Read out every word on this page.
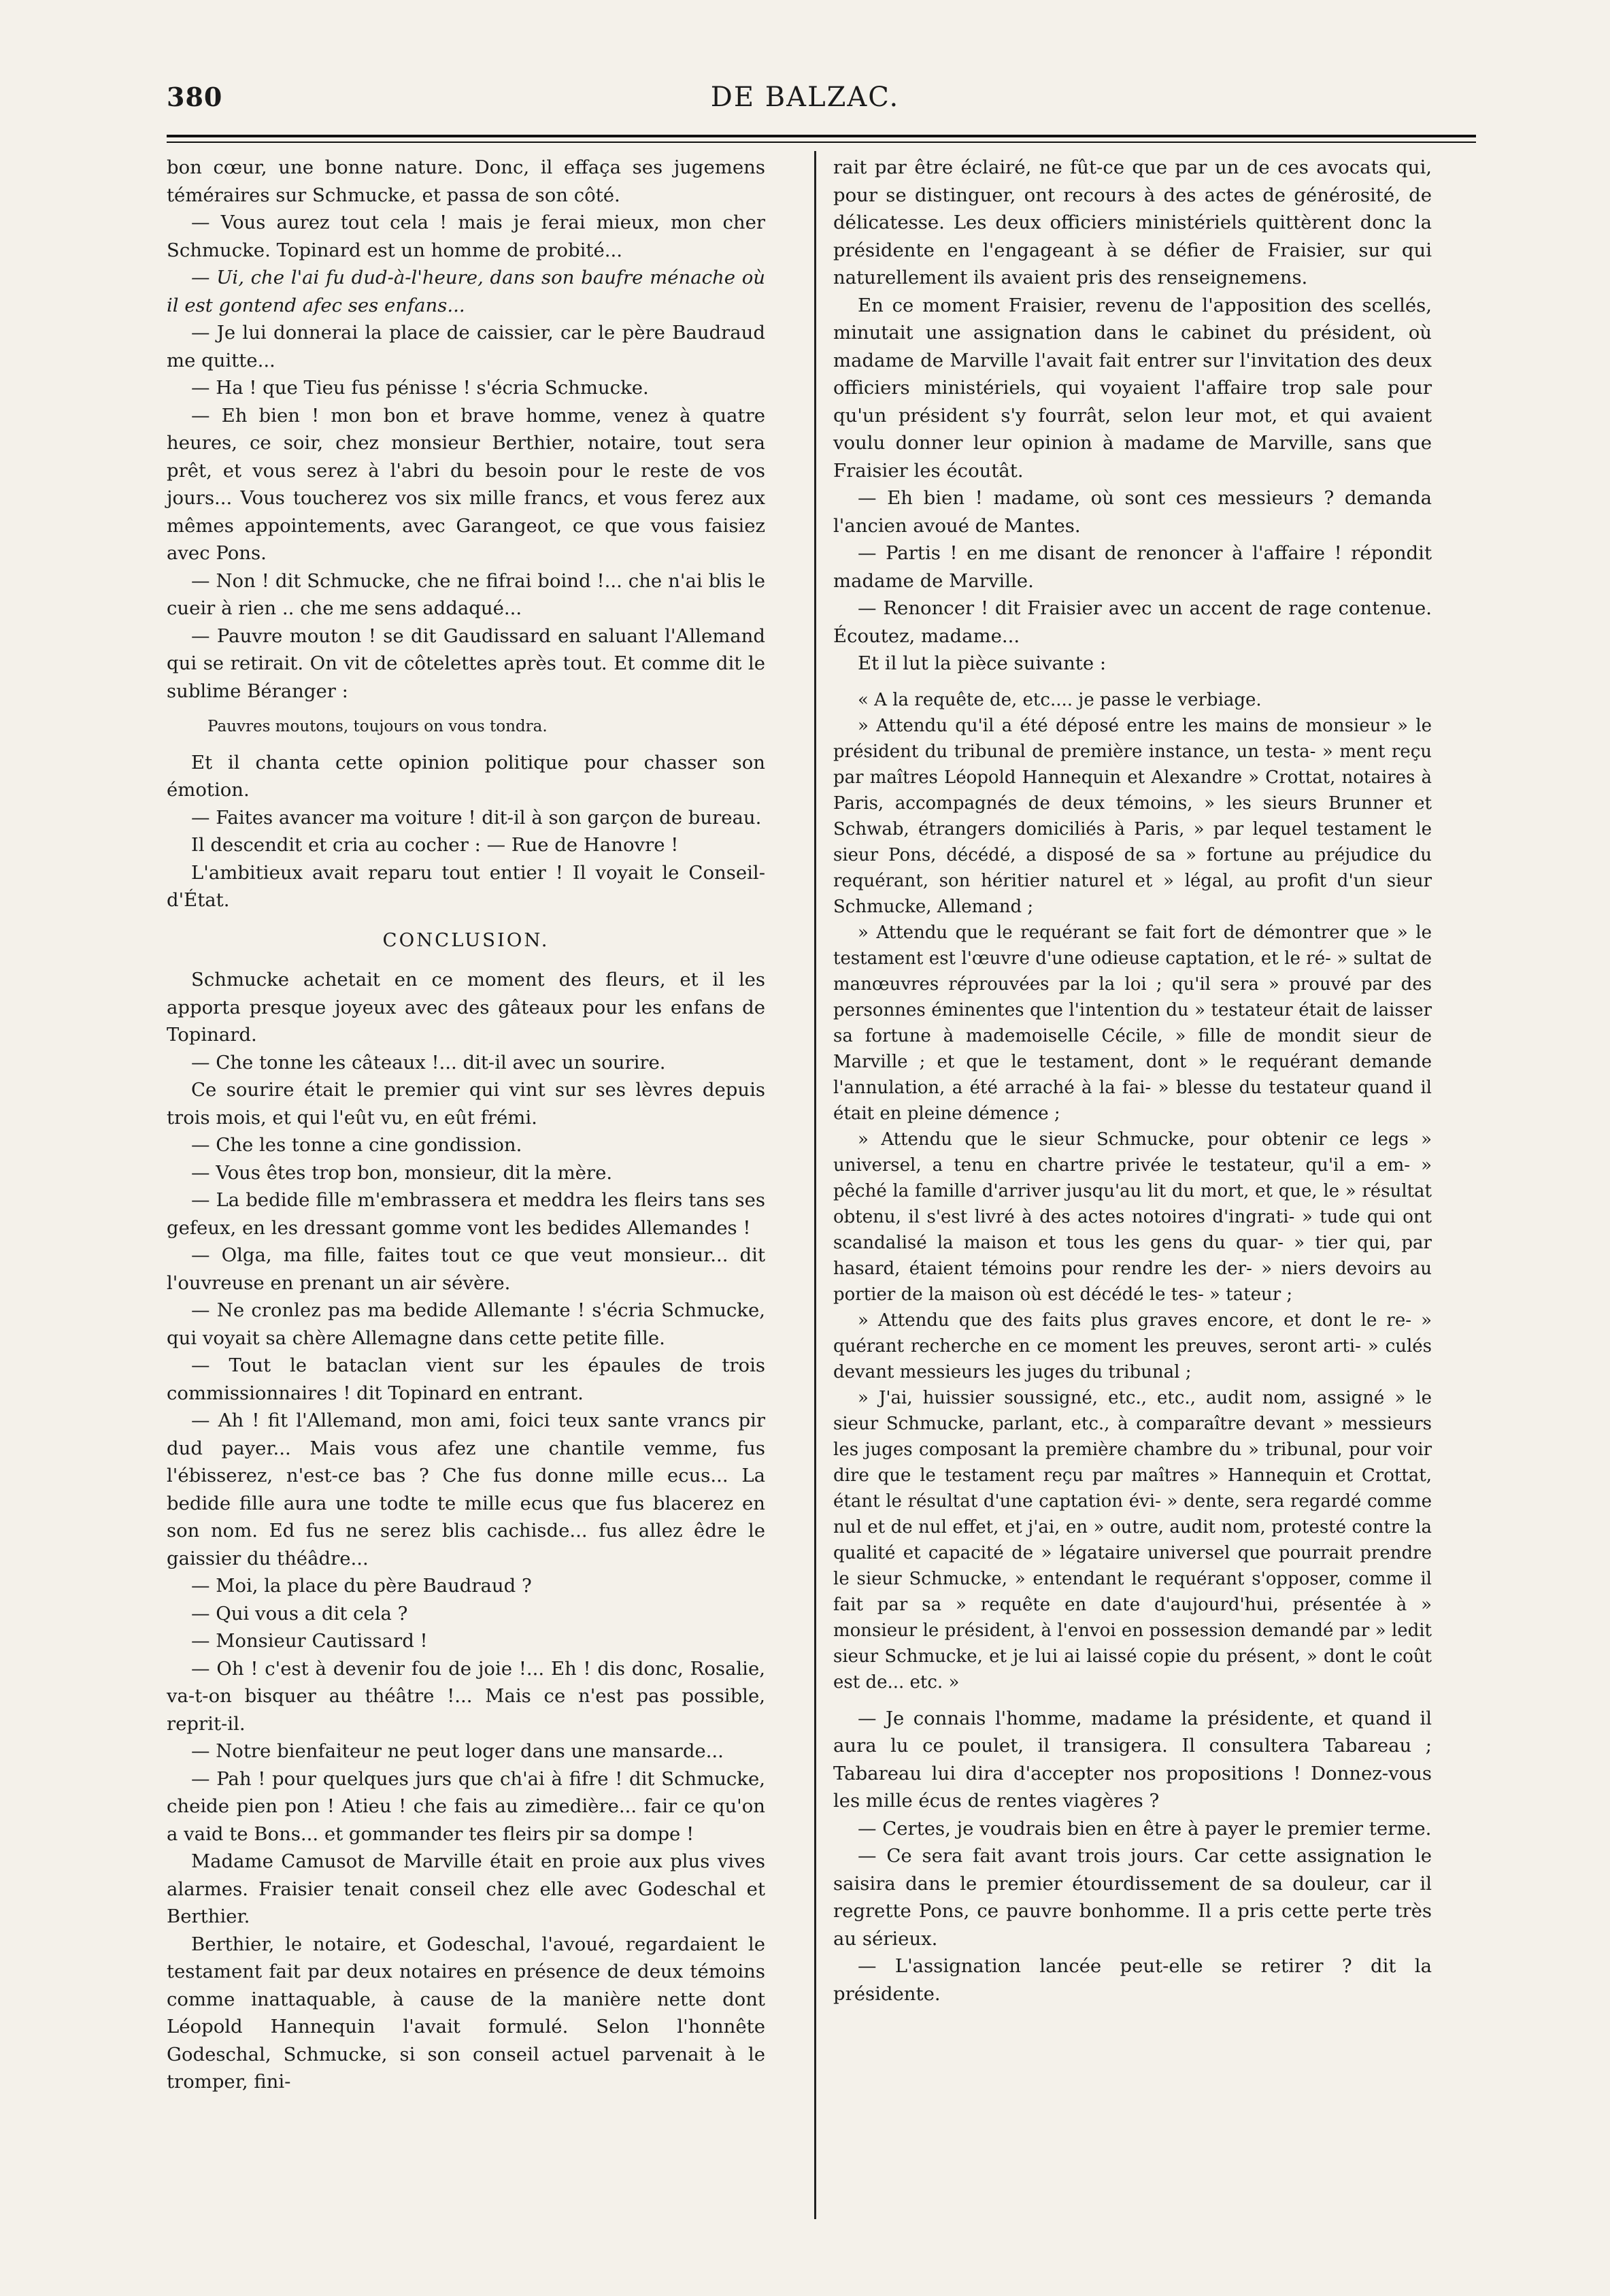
380	DE BALZAC.

bon cœur, une bonne nature. Donc, il effaça ses jugemens téméraires sur Schmucke, et passa de son côté.

— Vous aurez tout cela ! mais je ferai mieux, mon cher Schmucke. Topinard est un homme de probité...

— Ui, che l'ai fu dud-à-l'heure, dans son baufre ménache où il est gontend afec ses enfans...

— Je lui donnerai la place de caissier, car le père Baudraud me quitte...

— Ha ! que Tieu fus pénisse ! s'écria Schmucke.

— Eh bien ! mon bon et brave homme, venez à quatre heures, ce soir, chez monsieur Berthier, notaire, tout sera prêt, et vous serez à l'abri du besoin pour le reste de vos jours... Vous toucherez vos six mille francs, et vous ferez aux mêmes appointements, avec Garangeot, ce que vous faisiez avec Pons.

— Non ! dit Schmucke, che ne fifrai boind !... che n'ai blis le cueir à rien .. che me sens addaqué...

— Pauvre mouton ! se dit Gaudissard en saluant l'Allemand qui se retirait. On vit de côtelettes après tout. Et comme dit le sublime Béranger :

Pauvres moutons, toujours on vous tondra.

Et il chanta cette opinion politique pour chasser son émotion.

— Faites avancer ma voiture ! dit-il à son garçon de bureau.

Il descendit et cria au cocher : — Rue de Hanovre !

L'ambitieux avait reparu tout entier ! Il voyait le Conseil-d'État.

CONCLUSION.

Schmucke achetait en ce moment des fleurs, et il les apporta presque joyeux avec des gâteaux pour les enfans de Topinard.

— Che tonne les câteaux !... dit-il avec un sourire.

Ce sourire était le premier qui vint sur ses lèvres depuis trois mois, et qui l'eût vu, en eût frémi.

— Che les tonne a cine gondission.

— Vous êtes trop bon, monsieur, dit la mère.

— La bedide fille m'embrassera et meddra les fleirs tans ses gefeux, en les dressant gomme vont les bedides Allemandes !

— Olga, ma fille, faites tout ce que veut monsieur... dit l'ouvreuse en prenant un air sévère.

— Ne cronlez pas ma bedide Allemante ! s'écria Schmucke, qui voyait sa chère Allemagne dans cette petite fille.

— Tout le bataclan vient sur les épaules de trois commissionnaires ! dit Topinard en entrant.

— Ah ! fit l'Allemand, mon ami, foici teux sante vrancs pir dud payer... Mais vous afez une chantile vemme, fus l'ébisserez, n'est-ce bas ? Che fus donne mille ecus... La bedide fille aura une todte te mille ecus que fus blacerez en son nom. Ed fus ne serez blis cachisde... fus allez êdre le gaissier du théâdre...

— Moi, la place du père Baudraud ?

— Qui vous a dit cela ?

— Monsieur Cautissard !

— Oh ! c'est à devenir fou de joie !... Eh ! dis donc, Rosalie, va-t-on bisquer au théâtre !... Mais ce n'est pas possible, reprit-il.

— Notre bienfaiteur ne peut loger dans une mansarde...

— Pah ! pour quelques jurs que ch'ai à fifre ! dit Schmucke, cheide pien pon ! Atieu ! che fais au zimedière... fair ce qu'on a vaid te Bons... et gommander tes fleirs pir sa dompe !

Madame Camusot de Marville était en proie aux plus vives alarmes. Fraisier tenait conseil chez elle avec Godeschal et Berthier.

Berthier, le notaire, et Godeschal, l'avoué, regardaient le testament fait par deux notaires en présence de deux témoins comme inattaquable, à cause de la manière nette dont Léopold Hannequin l'avait formulé. Selon l'honnête Godeschal, Schmucke, si son conseil actuel parvenait à le tromper, fini-

rait par être éclairé, ne fût-ce que par un de ces avocats qui, pour se distinguer, ont recours à des actes de générosité, de délicatesse. Les deux officiers ministériels quittèrent donc la présidente en l'engageant à se défier de Fraisier, sur qui naturellement ils avaient pris des renseignemens.

En ce moment Fraisier, revenu de l'apposition des scellés, minutait une assignation dans le cabinet du président, où madame de Marville l'avait fait entrer sur l'invitation des deux officiers ministériels, qui voyaient l'affaire trop sale pour qu'un président s'y fourrât, selon leur mot, et qui avaient voulu donner leur opinion à madame de Marville, sans que Fraisier les écoutât.

— Eh bien ! madame, où sont ces messieurs ? demanda l'ancien avoué de Mantes.

— Partis ! en me disant de renoncer à l'affaire ! répondit madame de Marville.

— Renoncer ! dit Fraisier avec un accent de rage contenue. Écoutez, madame...

Et il lut la pièce suivante :

« A la requête de, etc.... je passe le verbiage.

» Attendu qu'il a été déposé entre les mains de monsieur » le président du tribunal de première instance, un testa- » ment reçu par maîtres Léopold Hannequin et Alexandre » Crottat, notaires à Paris, accompagnés de deux témoins, » les sieurs Brunner et Schwab, étrangers domiciliés à Paris, » par lequel testament le sieur Pons, décédé, a disposé de sa » fortune au préjudice du requérant, son héritier naturel et » légal, au profit d'un sieur Schmucke, Allemand ;

» Attendu que le requérant se fait fort de démontrer que » le testament est l'œuvre d'une odieuse captation, et le ré- » sultat de manœuvres réprouvées par la loi ; qu'il sera » prouvé par des personnes éminentes que l'intention du » testateur était de laisser sa fortune à mademoiselle Cécile, » fille de mondit sieur de Marville ; et que le testament, dont » le requérant demande l'annulation, a été arraché à la fai- » blesse du testateur quand il était en pleine démence ;

» Attendu que le sieur Schmucke, pour obtenir ce legs » universel, a tenu en chartre privée le testateur, qu'il a em- » pêché la famille d'arriver jusqu'au lit du mort, et que, le » résultat obtenu, il s'est livré à des actes notoires d'ingrati- » tude qui ont scandalisé la maison et tous les gens du quar- » tier qui, par hasard, étaient témoins pour rendre les der- » niers devoirs au portier de la maison où est décédé le tes- » tateur ;

» Attendu que des faits plus graves encore, et dont le re- » quérant recherche en ce moment les preuves, seront arti- » culés devant messieurs les juges du tribunal ;

» J'ai, huissier soussigné, etc., etc., audit nom, assigné » le sieur Schmucke, parlant, etc., à comparaître devant » messieurs les juges composant la première chambre du » tribunal, pour voir dire que le testament reçu par maîtres » Hannequin et Crottat, étant le résultat d'une captation évi- » dente, sera regardé comme nul et de nul effet, et j'ai, en » outre, audit nom, protesté contre la qualité et capacité de » légataire universel que pourrait prendre le sieur Schmucke, » entendant le requérant s'opposer, comme il fait par sa » requête en date d'aujourd'hui, présentée à » monsieur le président, à l'envoi en possession demandé par » ledit sieur Schmucke, et je lui ai laissé copie du présent, » dont le coût est de... etc. »

— Je connais l'homme, madame la présidente, et quand il aura lu ce poulet, il transigera. Il consultera Tabareau ; Tabareau lui dira d'accepter nos propositions ! Donnez-vous les mille écus de rentes viagères ?

— Certes, je voudrais bien en être à payer le premier terme.

— Ce sera fait avant trois jours. Car cette assignation le saisira dans le premier étourdissement de sa douleur, car il regrette Pons, ce pauvre bonhomme. Il a pris cette perte très au sérieux.

— L'assignation lancée peut-elle se retirer ? dit la présidente.
